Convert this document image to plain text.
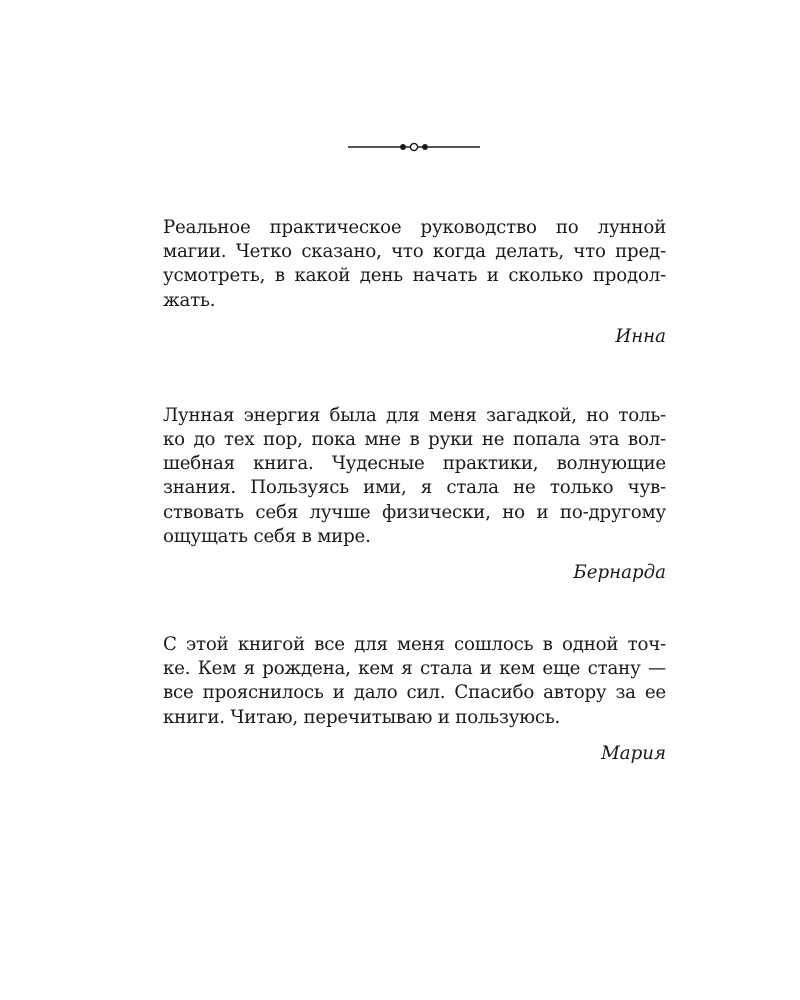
Реальное практическое руководство по лунной
магии. Четко сказано, что когда делать, что пред-
усмотреть, в какой день начать и сколько продол-
жать.

Инна

Лунная энергия была для меня загадкой, но толь-
ко до тех пор, пока мне в руки не попала эта вол-
шебная книга. Чудесные практики, волнующие
знания. Пользуясь ими, я стала не только чув-
ствовать себя лучше физически, но и по-другому
ощущать себя в мире.

Бернарда

С этой книгой все для меня сошлось в одной точ-
ке. Кем я рождена, кем я стала и кем еще стану —
все прояснилось и дало сил. Спасибо автору за ее
книги. Читаю, перечитываю и пользуюсь.

Мария
